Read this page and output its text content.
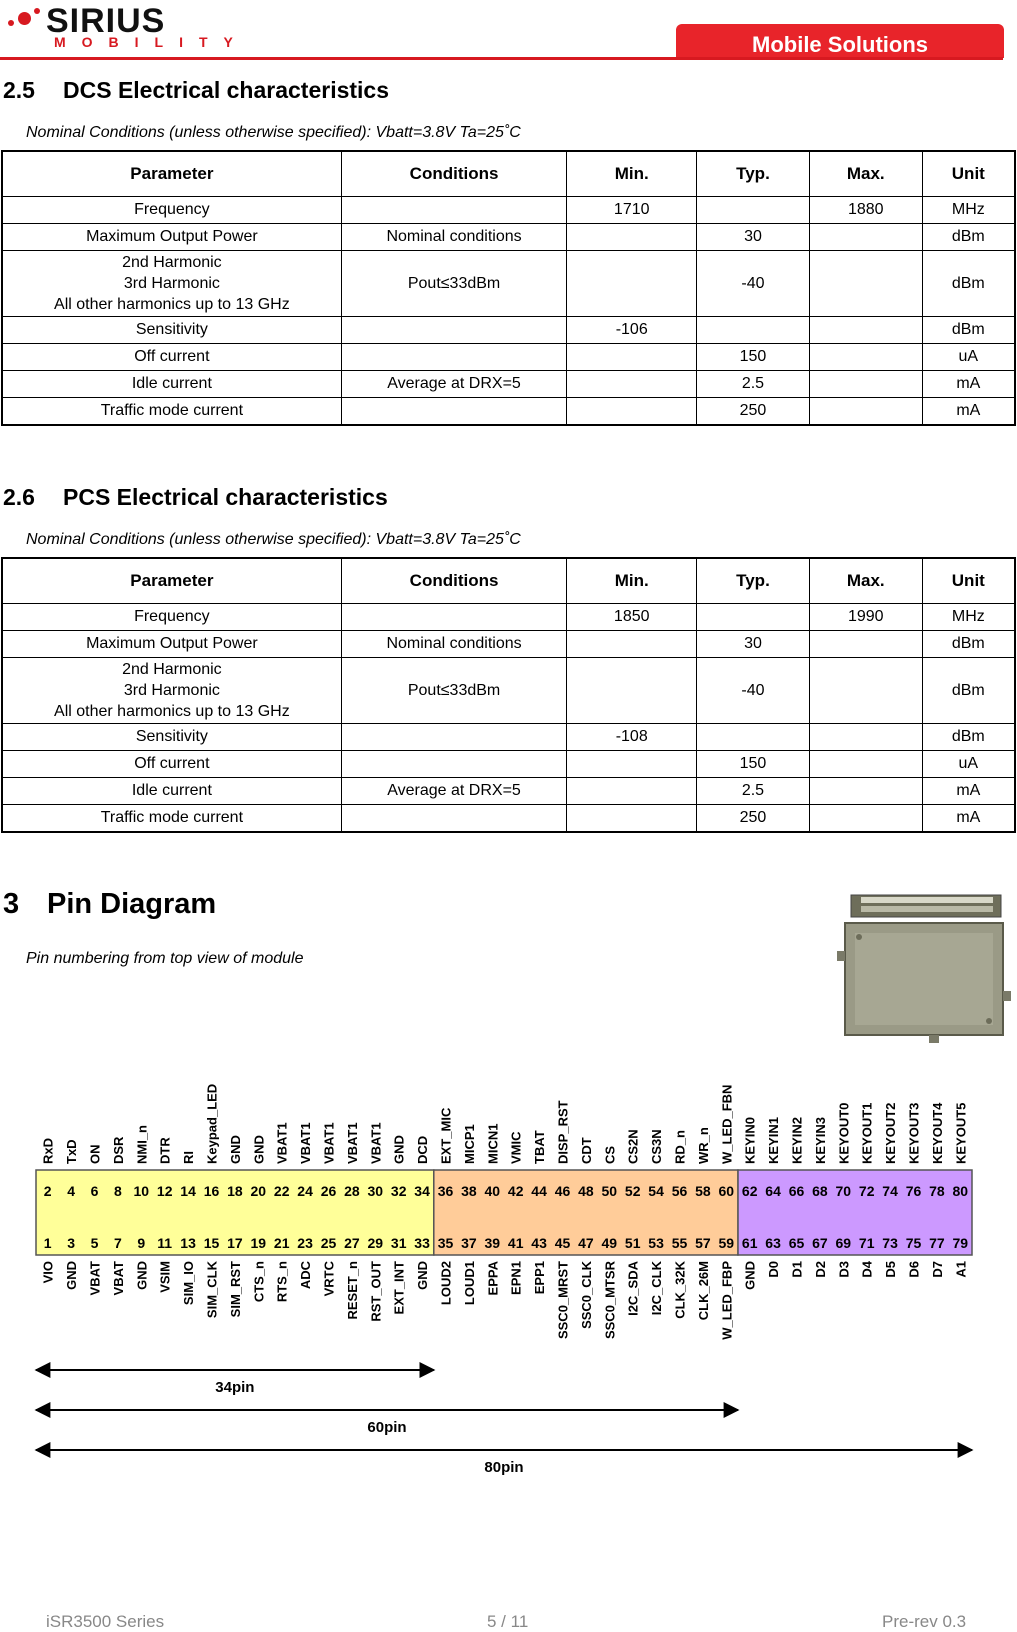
SIRIUS
MOBILITY	Mobile Solutions
2.5 DCS Electrical characteristics
Nominal Conditions (unless otherwise specified): Vbatt=3.8V Ta=25˚C
Parameter	Conditions	Min.	Typ.	Max.	Unit
Frequency		1710		1880	MHz
Maximum Output Power	Nominal conditions		30		dBm
2nd Harmonic
3rd Harmonic
All other harmonics up to 13 GHz	Pout≤33dBm		-40		dBm
Sensitivity		-106			dBm
Off current			150		uA
Idle current	Average at DRX=5		2.5		mA
Traffic mode current			250		mA
2.6 PCS Electrical characteristics
Nominal Conditions (unless otherwise specified): Vbatt=3.8V Ta=25˚C
Parameter	Conditions	Min.	Typ.	Max.	Unit
Frequency		1850		1990	MHz
Maximum Output Power	Nominal conditions		30		dBm
2nd Harmonic
3rd Harmonic
All other harmonics up to 13 GHz	Pout≤33dBm		-40		dBm
Sensitivity		-108			dBm
Off current			150		uA
Idle current	Average at DRX=5		2.5		mA
Traffic mode current			250		mA
3 Pin Diagram
Pin numbering from top view of module
RxD
VIO
2
1
TxD
GND
4
3
ON
VBAT
6
5
DSR
VBAT
8
7
NMI_n
GND
10
9
DTR
VSIM
12
11
RI
SIM_IO
14
13
Keypad_LED
SIM_CLK
16
15
GND
SIM_RST
18
17
GND
CTS_n
20
19
VBAT1
RTS_n
22
21
VBAT1
ADC
24
23
VBAT1
VRTC
26
25
VBAT1
RESET_n
28
27
VBAT1
RST_OUT
30
29
GND
EXT_INT
32
31
DCD
GND
34
33
EXT_MIC
LOUD2
36
35
MICP1
LOUD1
38
37
MICN1
EPPA
40
39
VMIC
EPN1
42
41
TBAT
EPP1
44
43
DISP_RST
SSC0_MRST
46
45
CDT
SSC0_CLK
48
47
CS
SSC0_MTSR
50
49
CS2N
I2C_SDA
52
51
CS3N
I2C_CLK
54
53
RD_n
CLK_32K
56
55
WR_n
CLK_26M
58
57
W_LED_FBN
W_LED_FBP
60
59
KEYIN0
GND
62
61
KEYIN1
D0
64
63
KEYIN2
D1
66
65
KEYIN3
D2
68
67
KEYOUT0
D3
70
69
KEYOUT1
D4
72
71
KEYOUT2
D5
74
73
KEYOUT3
D6
76
75
KEYOUT4
D7
78
77
KEYOUT5
A1
80
79
34pin
60pin
80pin
iSR3500 Series	5 / 11	Pre-rev 0.3
